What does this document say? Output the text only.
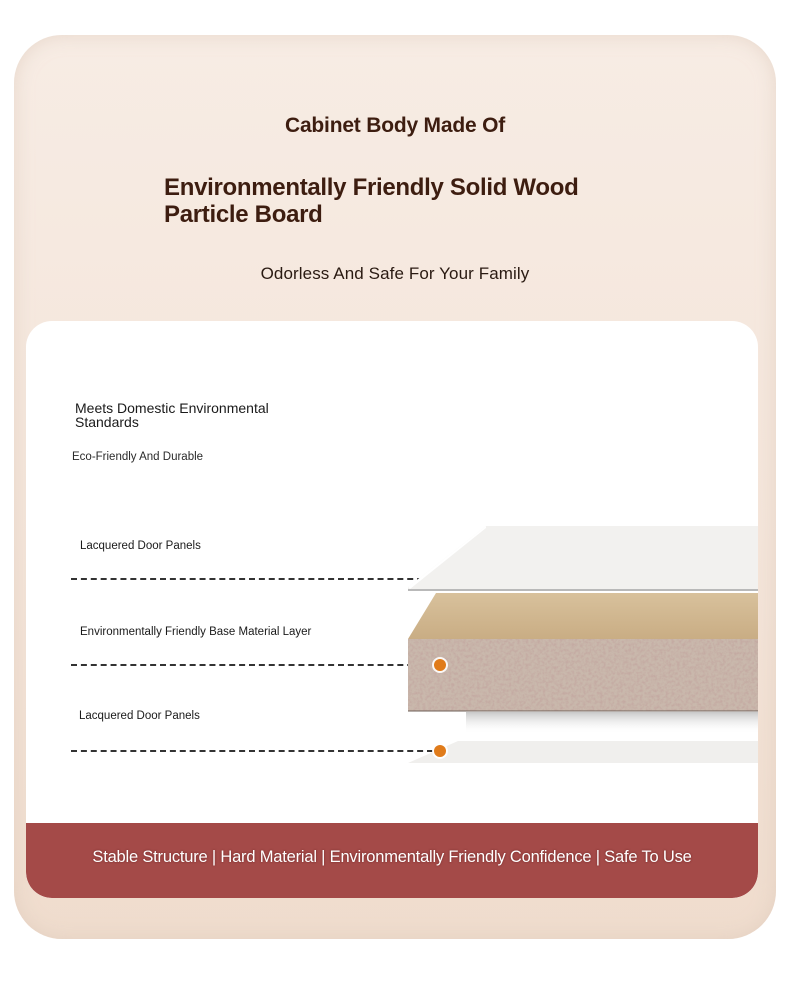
Cabinet Body Made Of
Environmentally Friendly Solid Wood Particle Board
Odorless And Safe For Your Family
Meets Domestic Environmental Standards
Eco-Friendly And Durable
Lacquered Door Panels
Environmentally Friendly Base Material Layer
Lacquered Door Panels
Stable Structure | Hard Material | Environmentally Friendly Confidence | Safe To Use
